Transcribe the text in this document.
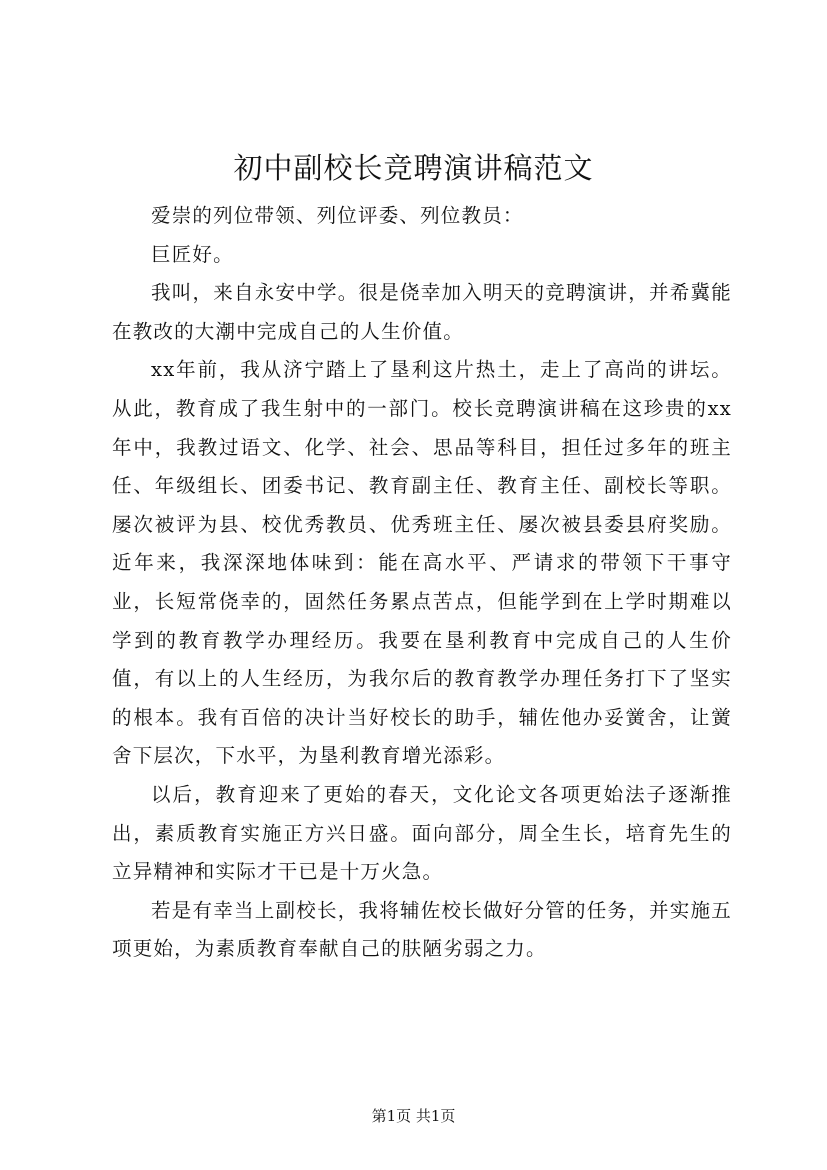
初中副校长竞聘演讲稿范文

爱崇的列位带领、列位评委、列位教员：

巨匠好。

我叫，来自永安中学。很是侥幸加入明天的竞聘演讲，并希冀能在教改的大潮中完成自己的人生价值。

xx年前，我从济宁踏上了垦利这片热土，走上了高尚的讲坛。从此，教育成了我生射中的一部门。校长竞聘演讲稿在这珍贵的xx年中，我教过语文、化学、社会、思品等科目，担任过多年的班主任、年级组长、团委书记、教育副主任、教育主任、副校长等职。屡次被评为县、校优秀教员、优秀班主任、屡次被县委县府奖励。近年来，我深深地体味到：能在高水平、严请求的带领下干事守业，长短常侥幸的，固然任务累点苦点，但能学到在上学时期难以学到的教育教学办理经历。我要在垦利教育中完成自己的人生价值，有以上的人生经历，为我尔后的教育教学办理任务打下了坚实的根本。我有百倍的决计当好校长的助手，辅佐他办妥黉舍，让黉舍下层次，下水平，为垦利教育增光添彩。

以后，教育迎来了更始的春天，文化论文各项更始法子逐渐推出，素质教育实施正方兴日盛。面向部分，周全生长，培育先生的立异精神和实际才干已是十万火急。

若是有幸当上副校长，我将辅佐校长做好分管的任务，并实施五项更始，为素质教育奉献自己的肤陋劣弱之力。

第1页 共1页
